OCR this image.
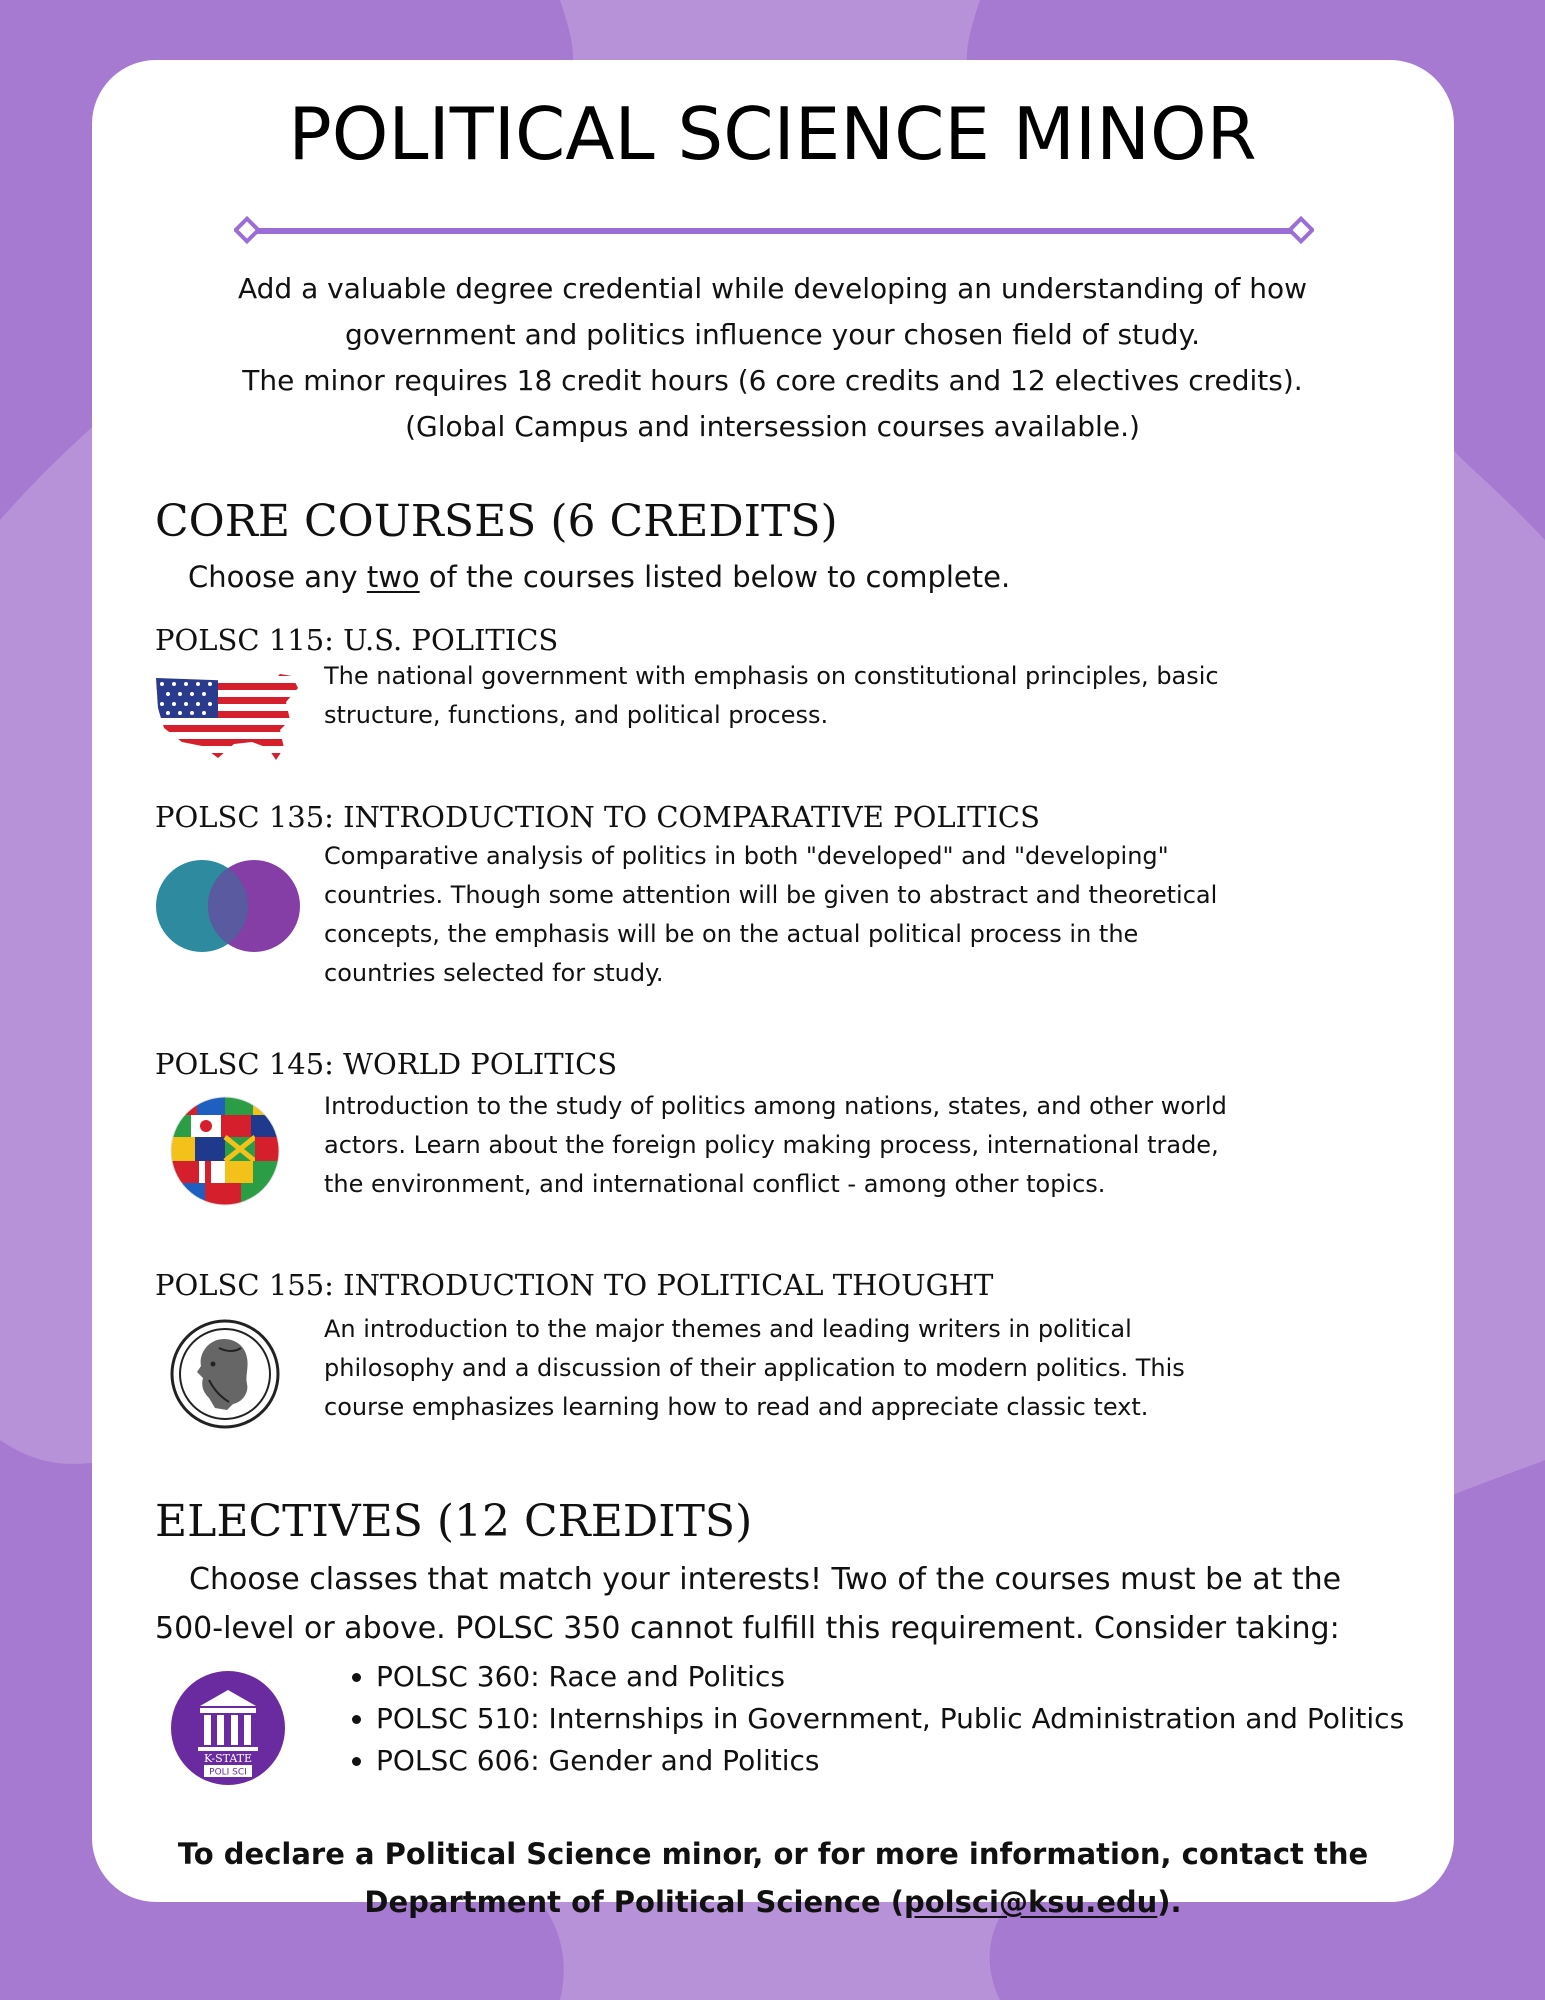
POLITICAL SCIENCE MINOR
Add a valuable degree credential while developing an understanding of how
government and politics influence your chosen field of study.
The minor requires 18 credit hours (6 core credits and 12 electives credits).
(Global Campus and intersession courses available.)
CORE COURSES (6 CREDITS)
Choose any two of the courses listed below to complete.
POLSC 115: U.S. POLITICS
The national government with emphasis on constitutional principles, basic
structure, functions, and political process.
POLSC 135: INTRODUCTION TO COMPARATIVE POLITICS
Comparative analysis of politics in both "developed" and "developing"
countries. Though some attention will be given to abstract and theoretical
concepts, the emphasis will be on the actual political process in the
countries selected for study.
POLSC 145: WORLD POLITICS
Introduction to the study of politics among nations, states, and other world
actors. Learn about the foreign policy making process, international trade,
the environment, and international conflict - among other topics.
POLSC 155: INTRODUCTION TO POLITICAL THOUGHT
An introduction to the major themes and leading writers in political
philosophy and a discussion of their application to modern politics. This
course emphasizes learning how to read and appreciate classic text.
ELECTIVES (12 CREDITS)
Choose classes that match your interests! Two of the courses must be at the
500-level or above. POLSC 350 cannot fulfill this requirement. Consider taking:
K-STATE
POLI SCI
• POLSC 360: Race and Politics
• POLSC 510: Internships in Government, Public Administration and Politics
• POLSC 606: Gender and Politics
To declare a Political Science minor, or for more information, contact the
Department of Political Science (polsci@ksu.edu).
